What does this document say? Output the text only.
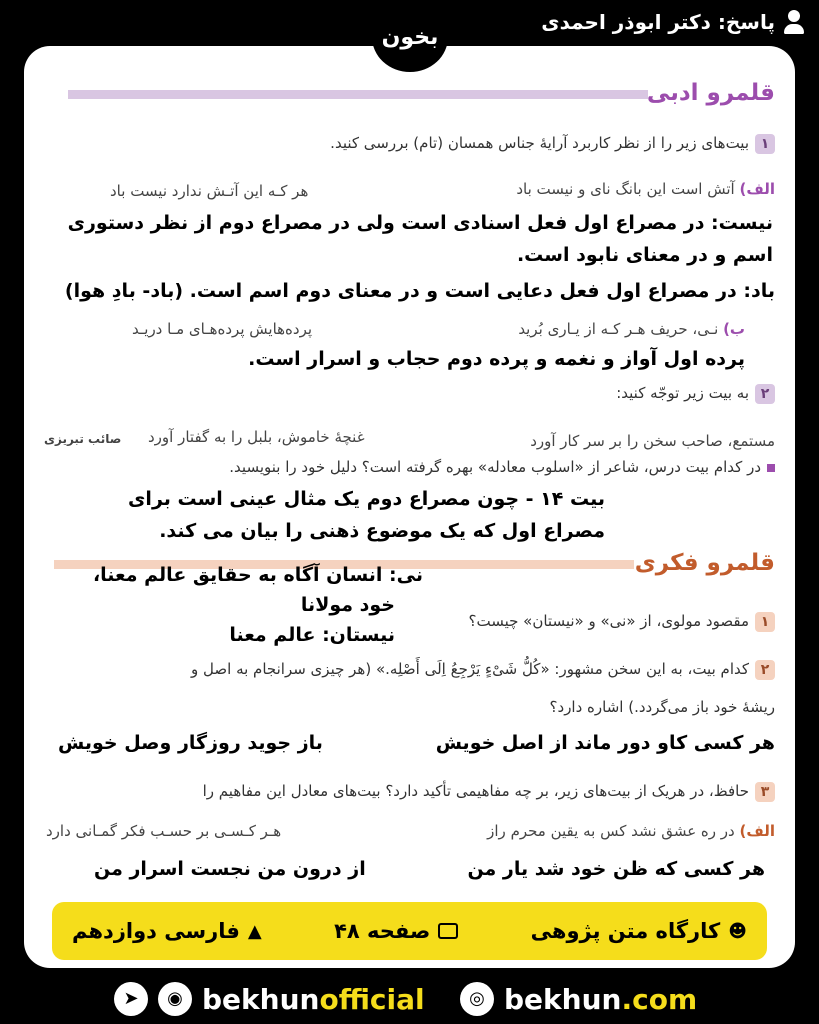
پاسخ: دکتر ابوذر احمدی
بخون
قلمرو ادبی
۱بیت‌های زیر را از نظر کاربرد آرایهٔ جناس همسان (تام) بررسی کنید.
الف) آتش است این بانگ نای و نیست باد
هر کـه این آتـش ندارد نیست باد
نیست: در مصراع اول فعل اسنادی است ولی در مصراع دوم از نظر دستوری
اسم و در معنای نابود است.
باد: در مصراع اول فعل دعایی است و در معنای دوم اسم است. (باد- بادِ هوا)
ب) نـی، حریف هـر کـه از یـاری بُرید
پرده‌هایش پرده‌هـای مـا دریـد
پرده اول آواز و نغمه و پرده دوم حجاب و اسرار است.
۲به بیت زیر توجّه کنید:
مستمع، صاحب سخن را بر سر کار آورد
غنچهٔ خاموش، بلبل را به گفتار آورد
صائب تبریزی
در کدام بیت درس، شاعر از «اسلوب معادله» بهره گرفته است؟ دلیل خود را بنویسید.
بیت ۱۴ - چون مصراع دوم یک مثال عینی است برای
مصراع اول که یک موضوع ذهنی را بیان می کند.
قلمرو فکری
نی: انسان آگاه به حقایق عالم معنا،
خود مولانا
نیستان: عالم معنا
۱مقصود مولوی، از «نی» و «نیستان» چیست؟
۲کدام بیت، به این سخن مشهور: «کُلُّ شَیْءٍ یَرْجِعُ اِلَی أَصْلِه.» (هر چیزی سرانجام به اصل و
ریشهٔ خود باز می‌گردد.) اشاره دارد؟
هر کسی کاو دور ماند از اصل خویش
باز جوید روزگار وصل خویش
۳حافظ، در هریک از بیت‌های زیر، بر چه مفاهیمی تأکید دارد؟ بیت‌های معادل این مفاهیم را
الف) در ره عشق نشد کس به یقین محرم راز
هـر کـسـی بر حسـب فکر گمـانی دارد
هر کسی که ظن خود شد یار من
از درون من نجست اسرار من
☻
کارگاه متن پژوهی
صفحه ۴۸
▲
فارسی دوازدهم
➤	◉ bekhunofficial	◎ bekhun.com
